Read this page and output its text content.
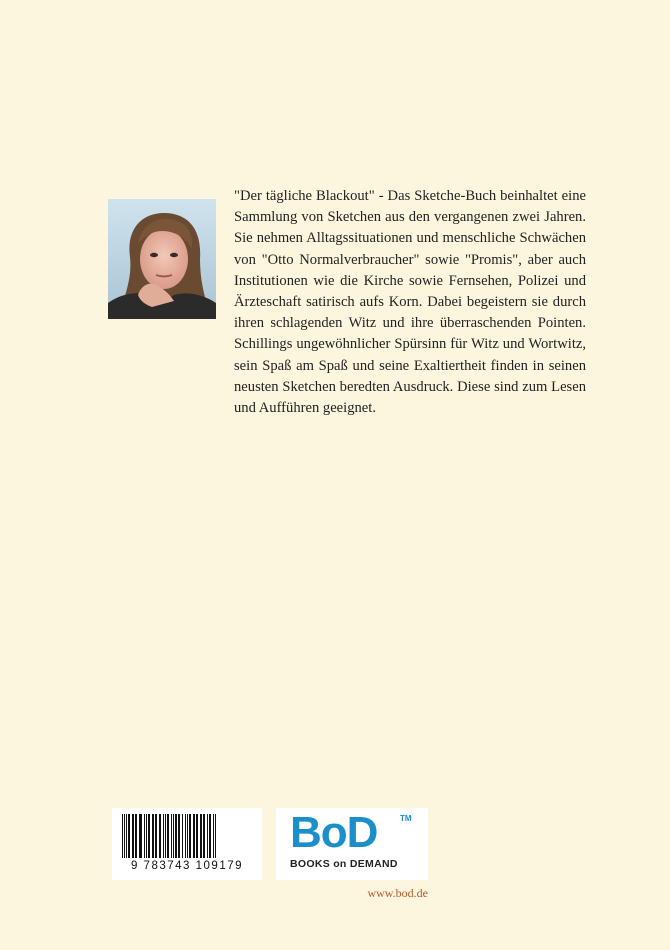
"Der tägliche Blackout" - Das Sketche-Buch beinhaltet eine Sammlung von Sketchen aus den vergangenen zwei Jahren. Sie nehmen Alltagssituationen und menschliche Schwächen von "Otto Normalverbraucher" sowie "Promis", aber auch Institutionen wie die Kirche sowie Fernsehen, Polizei und Ärzteschaft satirisch aufs Korn. Dabei begeistern sie durch ihren schlagenden Witz und ihre überraschenden Pointen. Schillings ungewöhnlicher Spürsinn für Witz und Wortwitz, sein Spaß am Spaß und seine Exaltiertheit finden in seinen neusten Sketchen beredten Ausdruck. Diese sind zum Lesen und Aufführen geeignet.

9 783743 109179
BoD	TM
BOOKS on DEMAND
www.bod.de
